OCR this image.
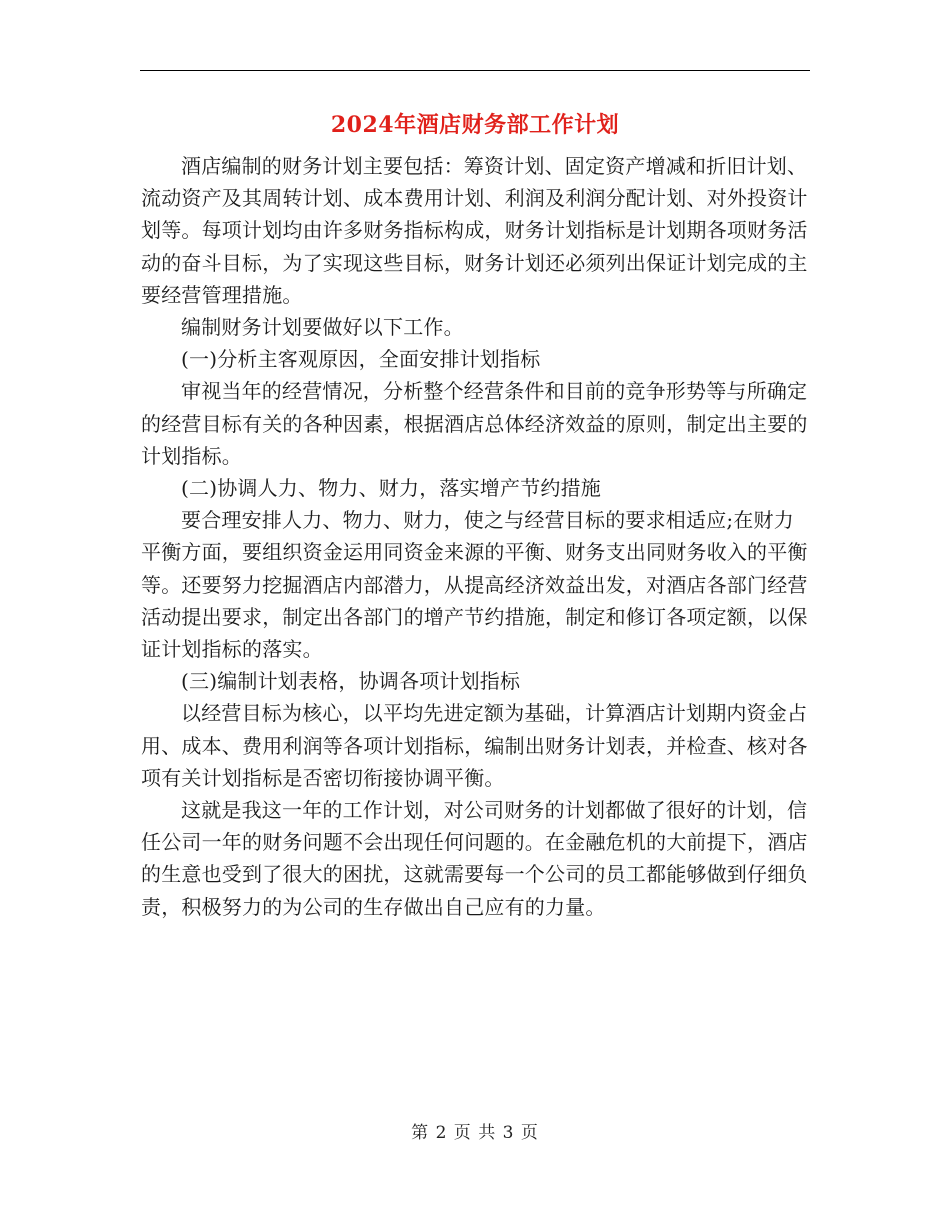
2024年酒店财务部工作计划

酒店编制的财务计划主要包括：筹资计划、固定资产增减和折旧计划、流动资产及其周转计划、成本费用计划、利润及利润分配计划、对外投资计划等。每项计划均由许多财务指标构成，财务计划指标是计划期各项财务活动的奋斗目标，为了实现这些目标，财务计划还必须列出保证计划完成的主要经营管理措施。

编制财务计划要做好以下工作。

(一)分析主客观原因，全面安排计划指标

审视当年的经营情况，分析整个经营条件和目前的竞争形势等与所确定的经营目标有关的各种因素，根据酒店总体经济效益的原则，制定出主要的计划指标。

(二)协调人力、物力、财力，落实增产节约措施

要合理安排人力、物力、财力，使之与经营目标的要求相适应;在财力平衡方面，要组织资金运用同资金来源的平衡、财务支出同财务收入的平衡等。还要努力挖掘酒店内部潜力，从提高经济效益出发，对酒店各部门经营活动提出要求，制定出各部门的增产节约措施，制定和修订各项定额，以保证计划指标的落实。

(三)编制计划表格，协调各项计划指标

以经营目标为核心，以平均先进定额为基础，计算酒店计划期内资金占用、成本、费用利润等各项计划指标，编制出财务计划表，并检查、核对各项有关计划指标是否密切衔接协调平衡。

这就是我这一年的工作计划，对公司财务的计划都做了很好的计划，信任公司一年的财务问题不会出现任何问题的。在金融危机的大前提下，酒店的生意也受到了很大的困扰，这就需要每一个公司的员工都能够做到仔细负责，积极努力的为公司的生存做出自己应有的力量。

第 2 页 共 3 页
